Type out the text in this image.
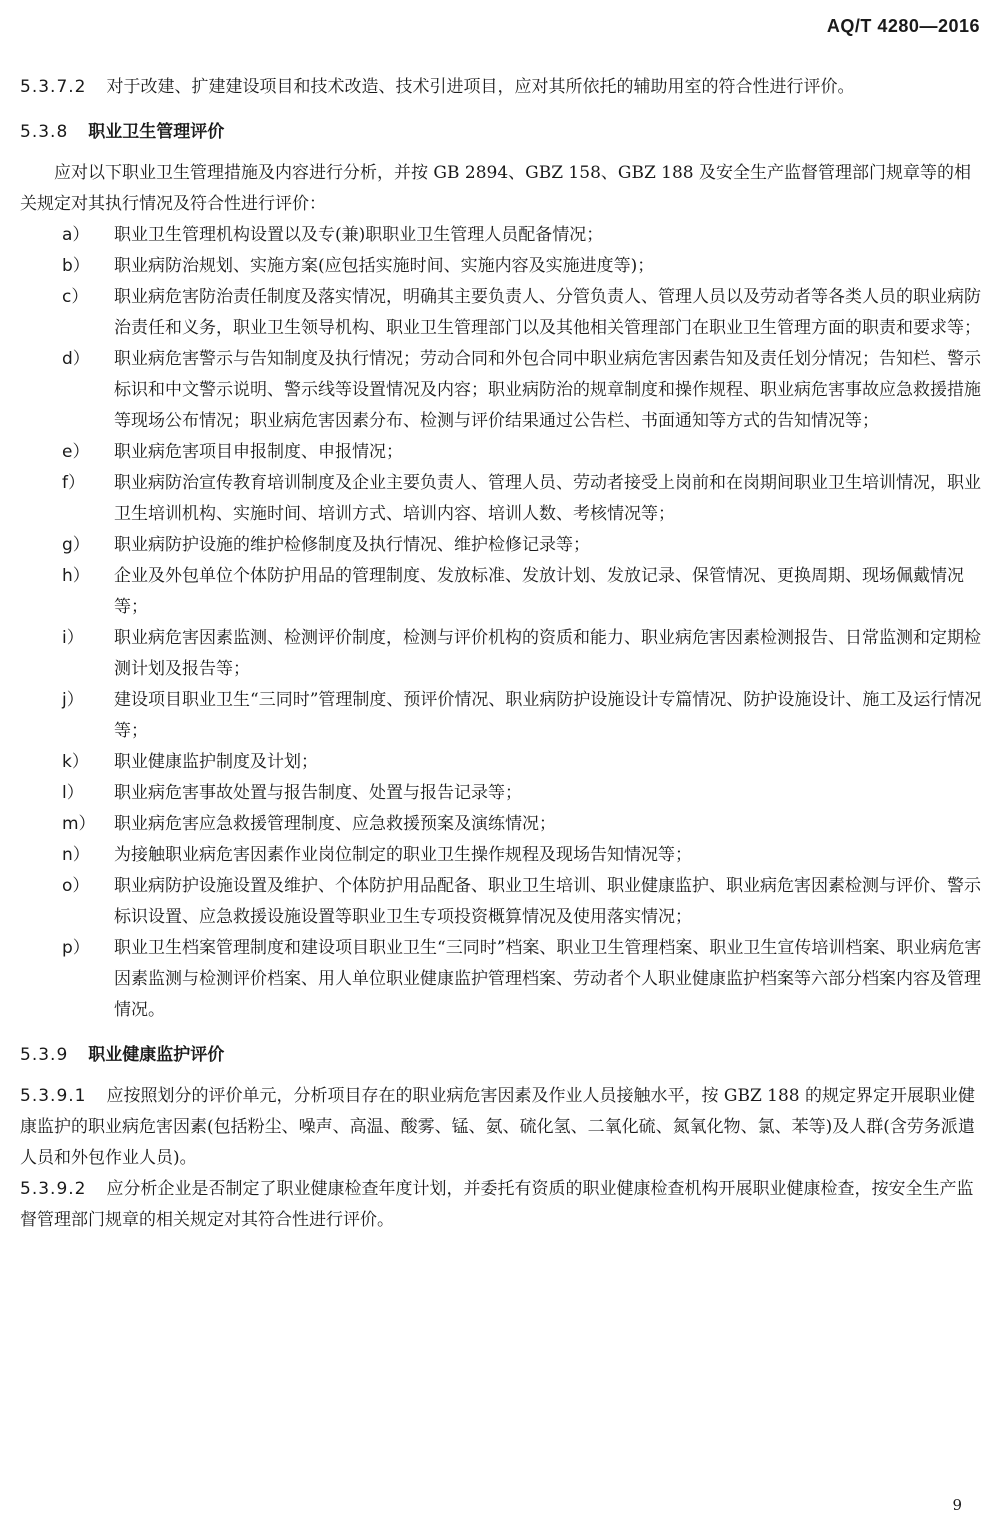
AQ/T 4280—2016

5.3.7.2 对于改建、扩建建设项目和技术改造、技术引进项目，应对其所依托的辅助用室的符合性进行评价。

5.3.8 职业卫生管理评价

应对以下职业卫生管理措施及内容进行分析，并按 GB 2894、GBZ 158、GBZ 188 及安全生产监督管理部门规章等的相关规定对其执行情况及符合性进行评价：

a）	职业卫生管理机构设置以及专(兼)职职业卫生管理人员配备情况；
b）	职业病防治规划、实施方案(应包括实施时间、实施内容及实施进度等)；
c）	职业病危害防治责任制度及落实情况，明确其主要负责人、分管负责人、管理人员以及劳动者等各类人员的职业病防治责任和义务，职业卫生领导机构、职业卫生管理部门以及其他相关管理部门在职业卫生管理方面的职责和要求等；
d）	职业病危害警示与告知制度及执行情况；劳动合同和外包合同中职业病危害因素告知及责任划分情况；告知栏、警示标识和中文警示说明、警示线等设置情况及内容；职业病防治的规章制度和操作规程、职业病危害事故应急救援措施等现场公布情况；职业病危害因素分布、检测与评价结果通过公告栏、书面通知等方式的告知情况等；
e）	职业病危害项目申报制度、申报情况；
f）	职业病防治宣传教育培训制度及企业主要负责人、管理人员、劳动者接受上岗前和在岗期间职业卫生培训情况，职业卫生培训机构、实施时间、培训方式、培训内容、培训人数、考核情况等；
g）	职业病防护设施的维护检修制度及执行情况、维护检修记录等；
h）	企业及外包单位个体防护用品的管理制度、发放标准、发放计划、发放记录、保管情况、更换周期、现场佩戴情况等；
i）	职业病危害因素监测、检测评价制度，检测与评价机构的资质和能力、职业病危害因素检测报告、日常监测和定期检测计划及报告等；
j）	建设项目职业卫生“三同时”管理制度、预评价情况、职业病防护设施设计专篇情况、防护设施设计、施工及运行情况等；
k）	职业健康监护制度及计划；
l）	职业病危害事故处置与报告制度、处置与报告记录等；
m）	职业病危害应急救援管理制度、应急救援预案及演练情况；
n）	为接触职业病危害因素作业岗位制定的职业卫生操作规程及现场告知情况等；
o）	职业病防护设施设置及维护、个体防护用品配备、职业卫生培训、职业健康监护、职业病危害因素检测与评价、警示标识设置、应急救援设施设置等职业卫生专项投资概算情况及使用落实情况；
p）	职业卫生档案管理制度和建设项目职业卫生“三同时”档案、职业卫生管理档案、职业卫生宣传培训档案、职业病危害因素监测与检测评价档案、用人单位职业健康监护管理档案、劳动者个人职业健康监护档案等六部分档案内容及管理情况。

5.3.9 职业健康监护评价

5.3.9.1 应按照划分的评价单元，分析项目存在的职业病危害因素及作业人员接触水平，按 GBZ 188 的规定界定开展职业健康监护的职业病危害因素(包括粉尘、噪声、高温、酸雾、锰、氨、硫化氢、二氧化硫、氮氧化物、氯、苯等)及人群(含劳务派遣人员和外包作业人员)。

5.3.9.2 应分析企业是否制定了职业健康检查年度计划，并委托有资质的职业健康检查机构开展职业健康检查，按安全生产监督管理部门规章的相关规定对其符合性进行评价。

9
